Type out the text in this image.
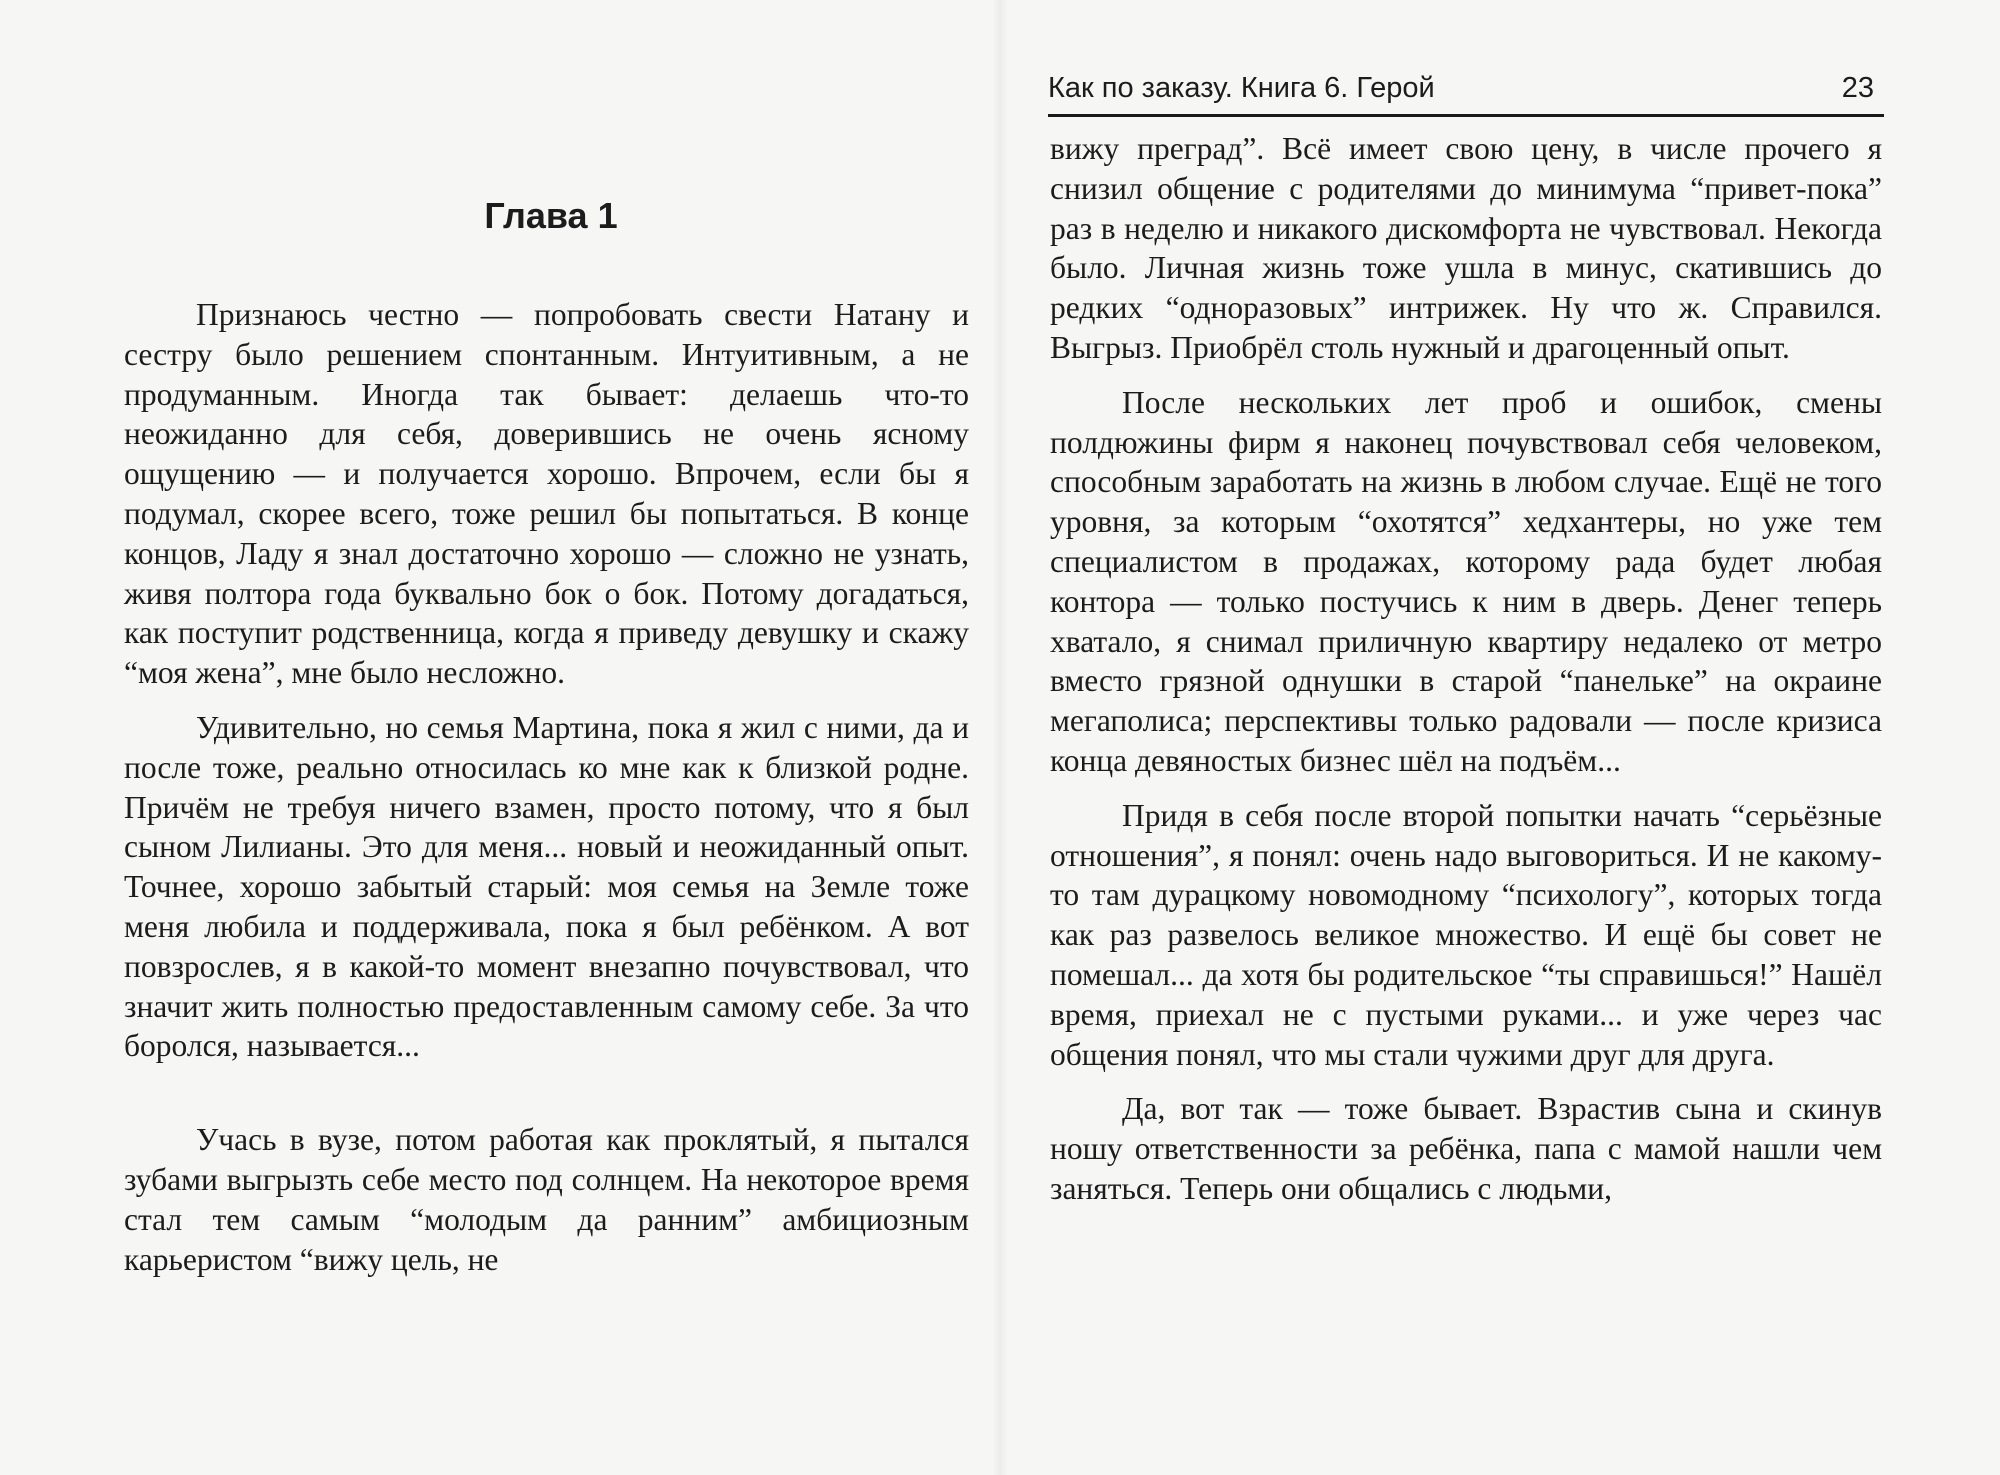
Глава 1

Признаюсь честно — попробовать свести Натану и сестру было решением спонтанным. Интуитивным, а не продуманным. Иногда так бывает: делаешь что-то неожиданно для себя, доверившись не очень ясному ощущению — и получается хорошо. Впрочем, если бы я подумал, скорее всего, тоже решил бы попытаться. В конце концов, Ладу я знал достаточно хорошо — сложно не узнать, живя полтора года буквально бок о бок. Потому догадаться, как поступит родственница, когда я приведу девушку и скажу “моя жена”, мне было несложно.

Удивительно, но семья Мартина, пока я жил с ними, да и после тоже, реально относилась ко мне как к близкой родне. Причём не требуя ничего взамен, просто потому, что я был сыном Лилианы. Это для меня... новый и неожиданный опыт. Точнее, хорошо забытый старый: моя семья на Земле тоже меня любила и поддерживала, пока я был ребёнком. А вот повзрослев, я в какой-то момент внезапно почувствовал, что значит жить полностью предоставленным самому себе. За что боролся, называется...

Учась в вузе, потом работая как проклятый, я пытался зубами выгрызть себе место под солнцем. На некоторое время стал тем самым “молодым да ранним” амбициозным карьеристом “вижу цель, не

Как по заказу. Книга 6. Герой	23

вижу преград”. Всё имеет свою цену, в числе прочего я снизил общение с родителями до минимума “привет-пока” раз в неделю и никакого дискомфорта не чувствовал. Некогда было. Личная жизнь тоже ушла в минус, скатившись до редких “одноразовых” интрижек. Ну что ж. Справился. Выгрыз. Приобрёл столь нужный и драгоценный опыт.

После нескольких лет проб и ошибок, смены полдюжины фирм я наконец почувствовал себя человеком, способным заработать на жизнь в любом случае. Ещё не того уровня, за которым “охотятся” хедхантеры, но уже тем специалистом в продажах, которому рада будет любая контора — только постучись к ним в дверь. Денег теперь хватало, я снимал приличную квартиру недалеко от метро вместо грязной однушки в старой “панельке” на окраине мегаполиса; перспективы только радовали — после кризиса конца девяностых бизнес шёл на подъём...

Придя в себя после второй попытки начать “серьёзные отношения”, я понял: очень надо выговориться. И не какому-то там дурацкому новомодному “психологу”, которых тогда как раз развелось великое множество. И ещё бы совет не помешал... да хотя бы родительское “ты справишься!” Нашёл время, приехал не с пустыми руками... и уже через час общения понял, что мы стали чужими друг для друга.

Да, вот так — тоже бывает. Взрастив сына и скинув ношу ответственности за ребёнка, папа с мамой нашли чем заняться. Теперь они общались с людьми,
